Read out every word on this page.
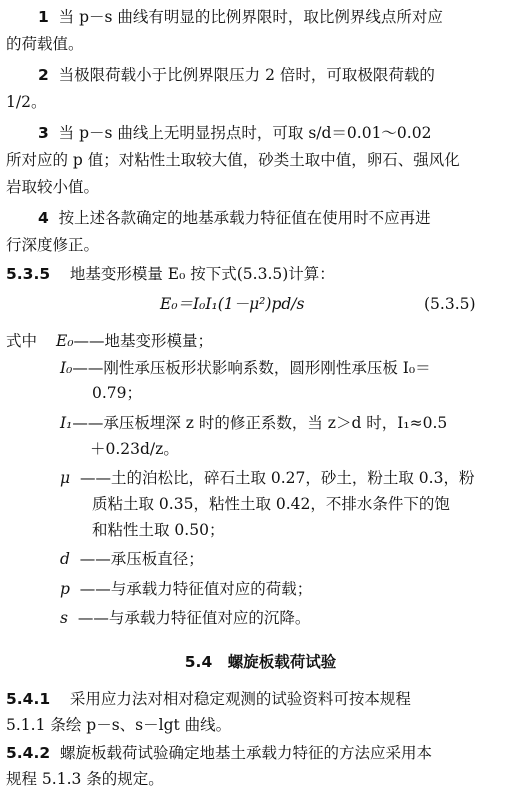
1 当 p－s 曲线有明显的比例界限时，取比例界线点所对应
的荷载值。
2 当极限荷载小于比例界限压力 2 倍时，可取极限荷载的
1/2。
3 当 p－s 曲线上无明显拐点时，可取 s/d＝0.01～0.02
所对应的 p 值；对粘性土取较大值，砂类土取中值，卵石、强风化
岩取较小值。
4 按上述各款确定的地基承载力特征值在使用时不应再进
行深度修正。
5.3.5 地基变形模量 E₀ 按下式(5.3.5)计算：
E₀＝I₀I₁(1－μ²)pd/s	(5.3.5)
式中	E₀——地基变形模量；
I₀——刚性承压板形状影响系数，圆形刚性承压板 I₀＝
0.79；
I₁——承压板埋深 z 时的修正系数，当 z＞d 时，I₁≈0.5
＋0.23d/z。
μ ——土的泊松比，碎石土取 0.27，砂土，粉土取 0.3，粉
质粘土取 0.35，粘性土取 0.42，不排水条件下的饱
和粘性土取 0.50；
d ——承压板直径；
p ——与承载力特征值对应的荷载；
s ——与承载力特征值对应的沉降。
5.4　螺旋板载荷试验
5.4.1 采用应力法对相对稳定观测的试验资料可按本规程
5.1.1 条绘 p－s、s－lgt 曲线。
5.4.2 螺旋板载荷试验确定地基土承载力特征的方法应采用本
规程 5.1.3 条的规定。
